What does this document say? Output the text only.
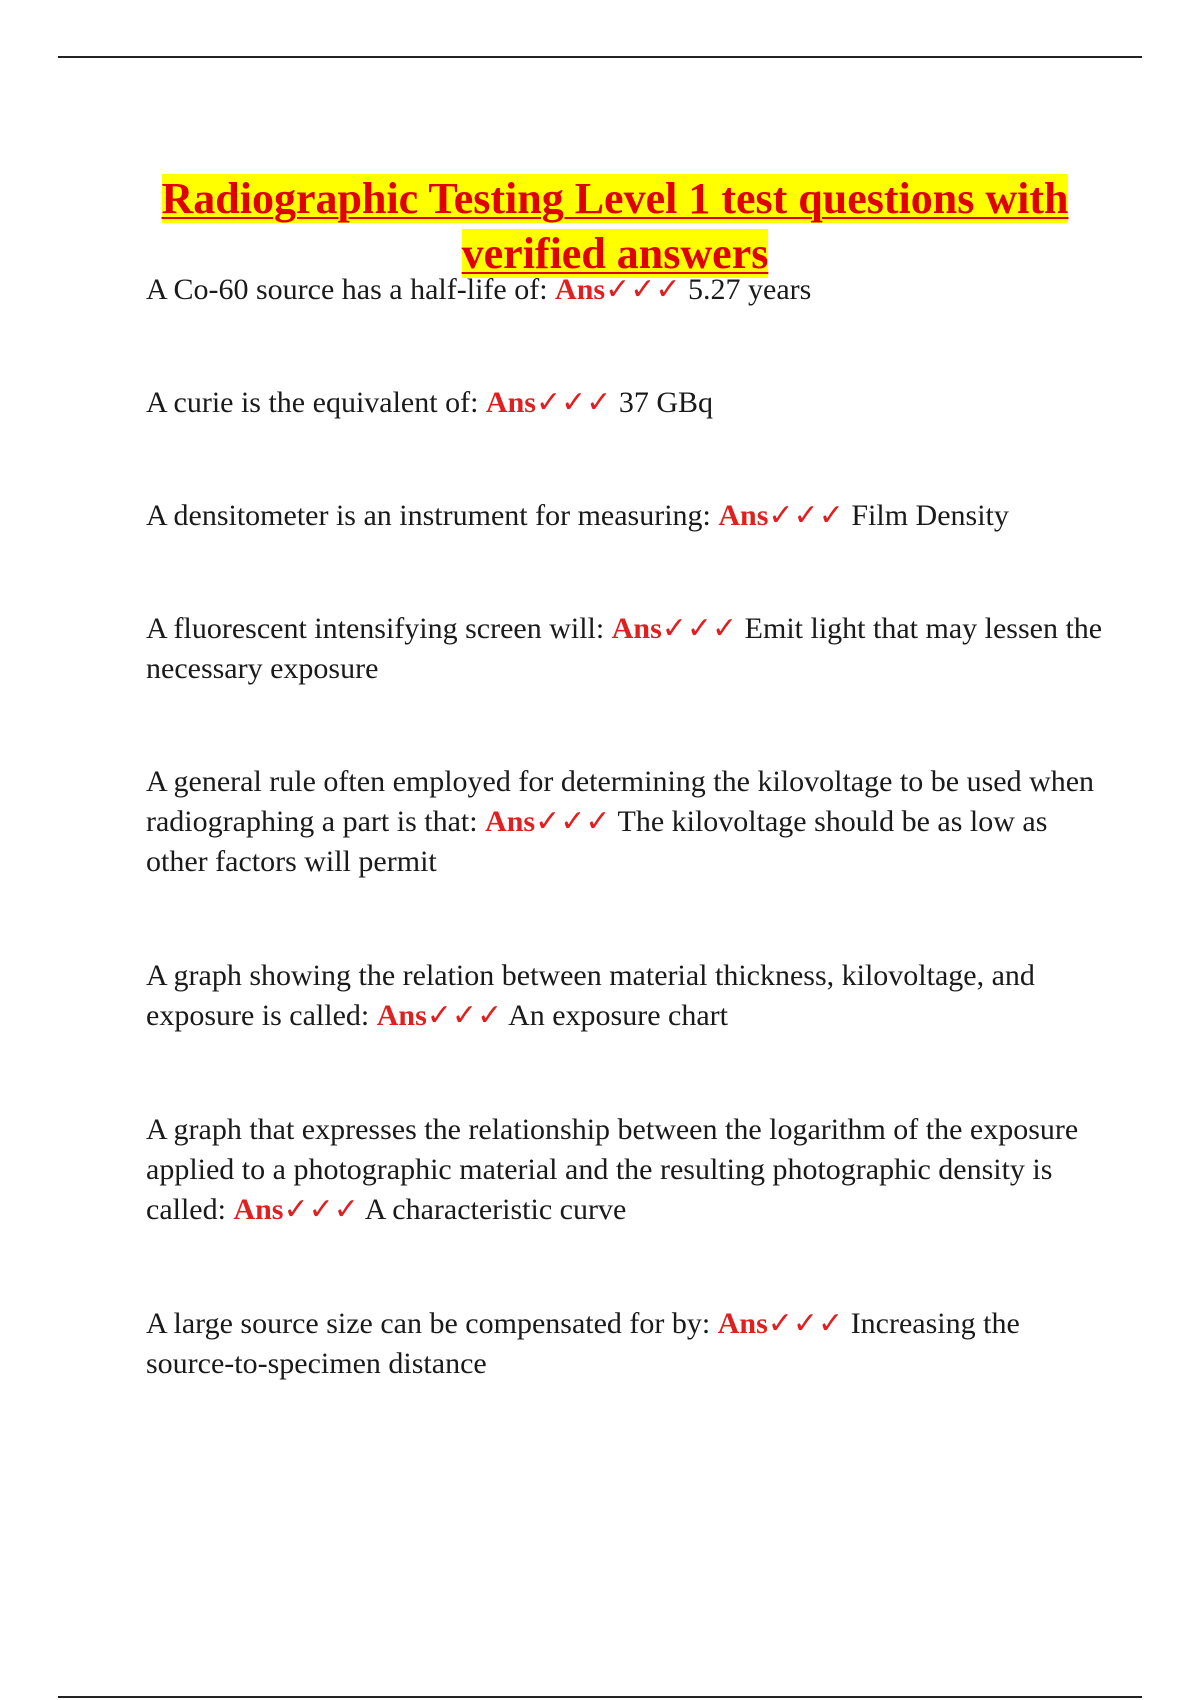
Radiographic Testing Level 1 test questions with verified answers

A Co-60 source has a half-life of: Ans✓✓✓ 5.27 years

A curie is the equivalent of: Ans✓✓✓ 37 GBq

A densitometer is an instrument for measuring: Ans✓✓✓ Film Density

A fluorescent intensifying screen will: Ans✓✓✓ Emit light that may lessen the necessary exposure

A general rule often employed for determining the kilovoltage to be used when radiographing a part is that: Ans✓✓✓ The kilovoltage should be as low as other factors will permit

A graph showing the relation between material thickness, kilovoltage, and exposure is called: Ans✓✓✓ An exposure chart

A graph that expresses the relationship between the logarithm of the exposure applied to a photographic material and the resulting photographic density is called: Ans✓✓✓ A characteristic curve

A large source size can be compensated for by: Ans✓✓✓ Increasing the source-to-specimen distance
